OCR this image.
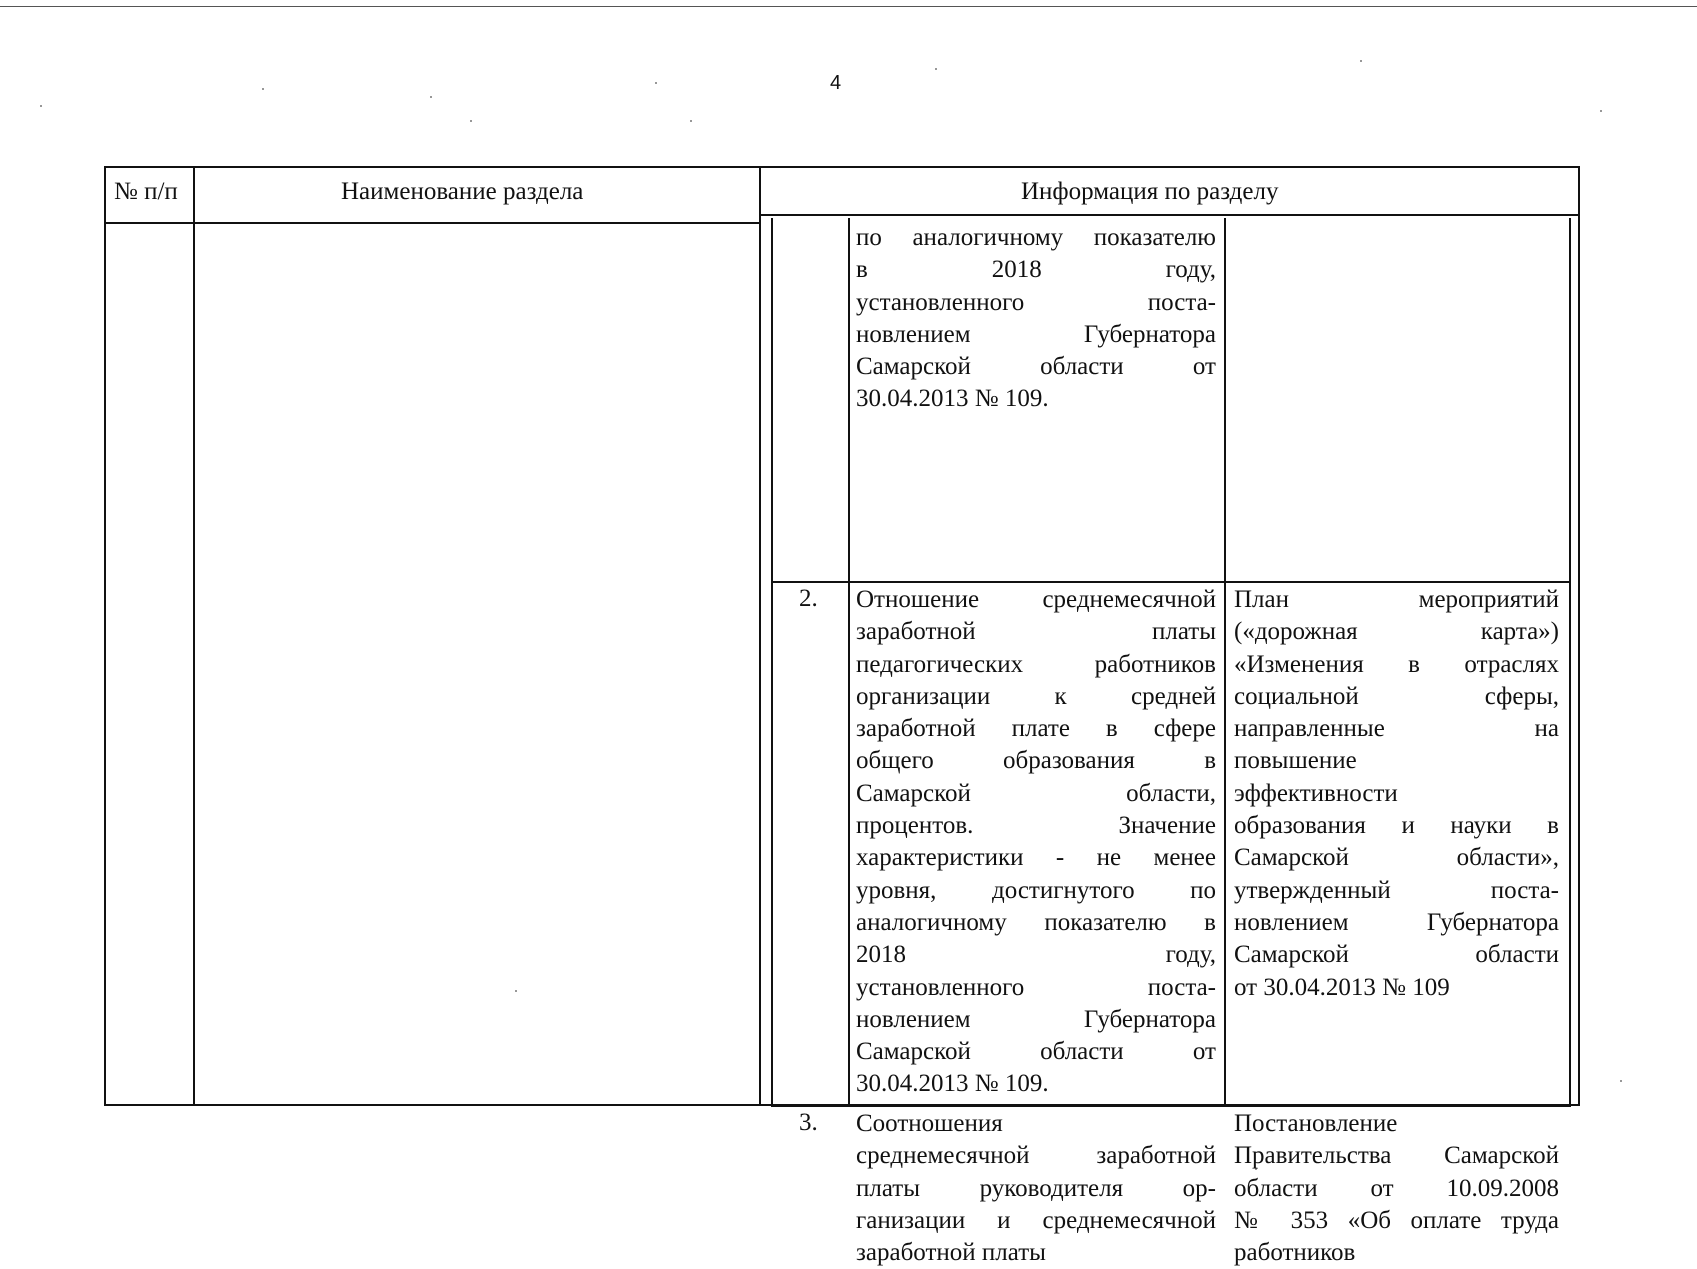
4
№ п/п	Наименование раздела	Информация по разделу
2.
3.
по аналогичному показателю
в 2018 году,
установленного поста-
новлением Губернатора
Самарской области от
30.04.2013 № 109.
Отношение среднемесячной
заработной платы
педагогических работников
организации к средней
заработной плате в сфере
общего образования в
Самарской области,
процентов. Значение
характеристики - не менее
уровня, достигнутого по
аналогичному показателю в
2018 году,
установленного поста-
новлением Губернатора
Самарской области от
30.04.2013 № 109.
План мероприятий
(«дорожная карта»)
«Изменения в отраслях
социальной сферы,
направленные на
повышение
эффективности
образования и науки в
Самарской области»,
утвержденный поста-
новлением Губернатора
Самарской области
от 30.04.2013 № 109
Соотношения
среднемесячной заработной
платы руководителя ор-
ганизации и среднемесячной
заработной платы
Постановление
Правительства Самарской
области от 10.09.2008
№ 353 «Об оплате труда
работников
